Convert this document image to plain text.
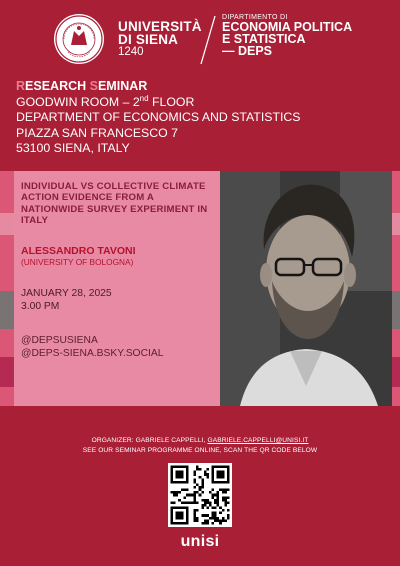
UNIVERSITÀ
DI SIENA
1240
DIPARTIMENTO DI
ECONOMIA POLITICA
E STATISTICA
— DEPS
RESEARCH SEMINAR
GOODWIN ROOM – 2nd FLOOR
DEPARTMENT OF ECONOMICS AND STATISTICS
PIAZZA SAN FRANCESCO 7
53100 SIENA, ITALY
INDIVIDUAL VS COLLECTIVE CLIMATE ACTION EVIDENCE FROM A NATIONWIDE SURVEY EXPERIMENT IN ITALY
ALESSANDRO TAVONI
(UNIVERSITY OF BOLOGNA)
JANUARY 28, 2025
3.00 PM
@DEPSUSIENA
@DEPS-SIENA.BSKY.SOCIAL
ORGANIZER: GABRIELE CAPPELLI, GABRIELE.CAPPELLI@UNISI.IT
SEE OUR SEMINAR PROGRAMME ONLINE, SCAN THE QR CODE BELOW
unisi
